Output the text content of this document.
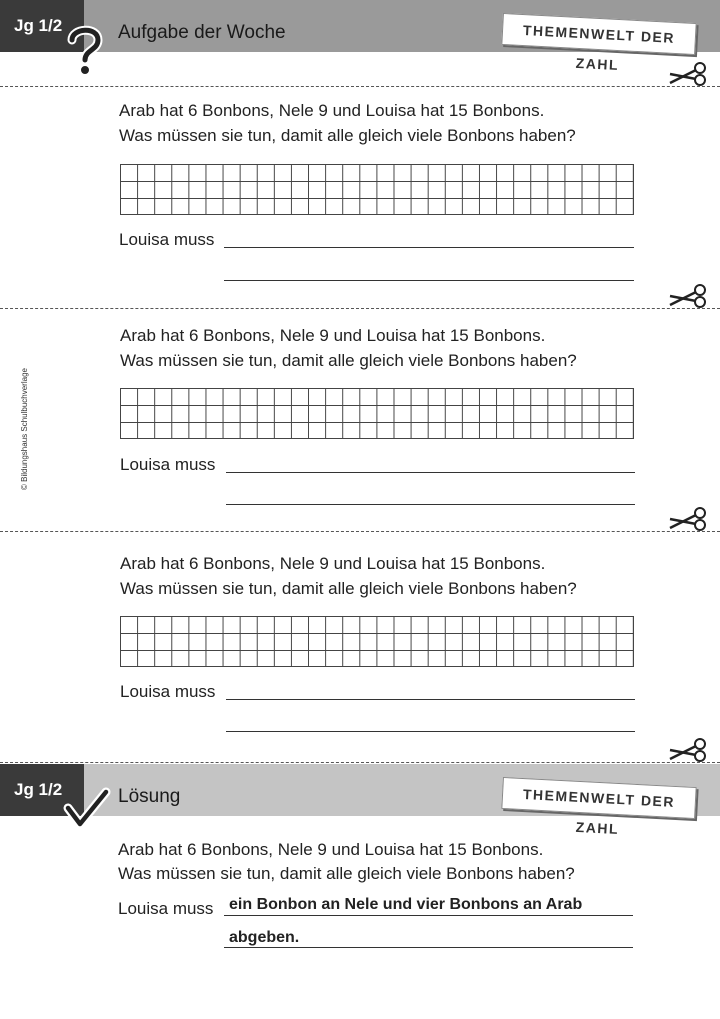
Jg 1/2	Aufgabe der Woche	THEMENWELT DER ZAHL
© Bildungshaus Schulbuchverlage
Arab hat 6 Bonbons, Nele 9 und Louisa hat 15 Bonbons.
Was müssen sie tun, damit alle gleich viele Bonbons haben?
Louisa muss
Arab hat 6 Bonbons, Nele 9 und Louisa hat 15 Bonbons.
Was müssen sie tun, damit alle gleich viele Bonbons haben?
Louisa muss
Arab hat 6 Bonbons, Nele 9 und Louisa hat 15 Bonbons.
Was müssen sie tun, damit alle gleich viele Bonbons haben?
Louisa muss
Jg 1/2	Lösung	THEMENWELT DER ZAHL
Arab hat 6 Bonbons, Nele 9 und Louisa hat 15 Bonbons.
Was müssen sie tun, damit alle gleich viele Bonbons haben?
Louisa muss ein Bonbon an Nele und vier Bonbons an Arab
abgeben.
